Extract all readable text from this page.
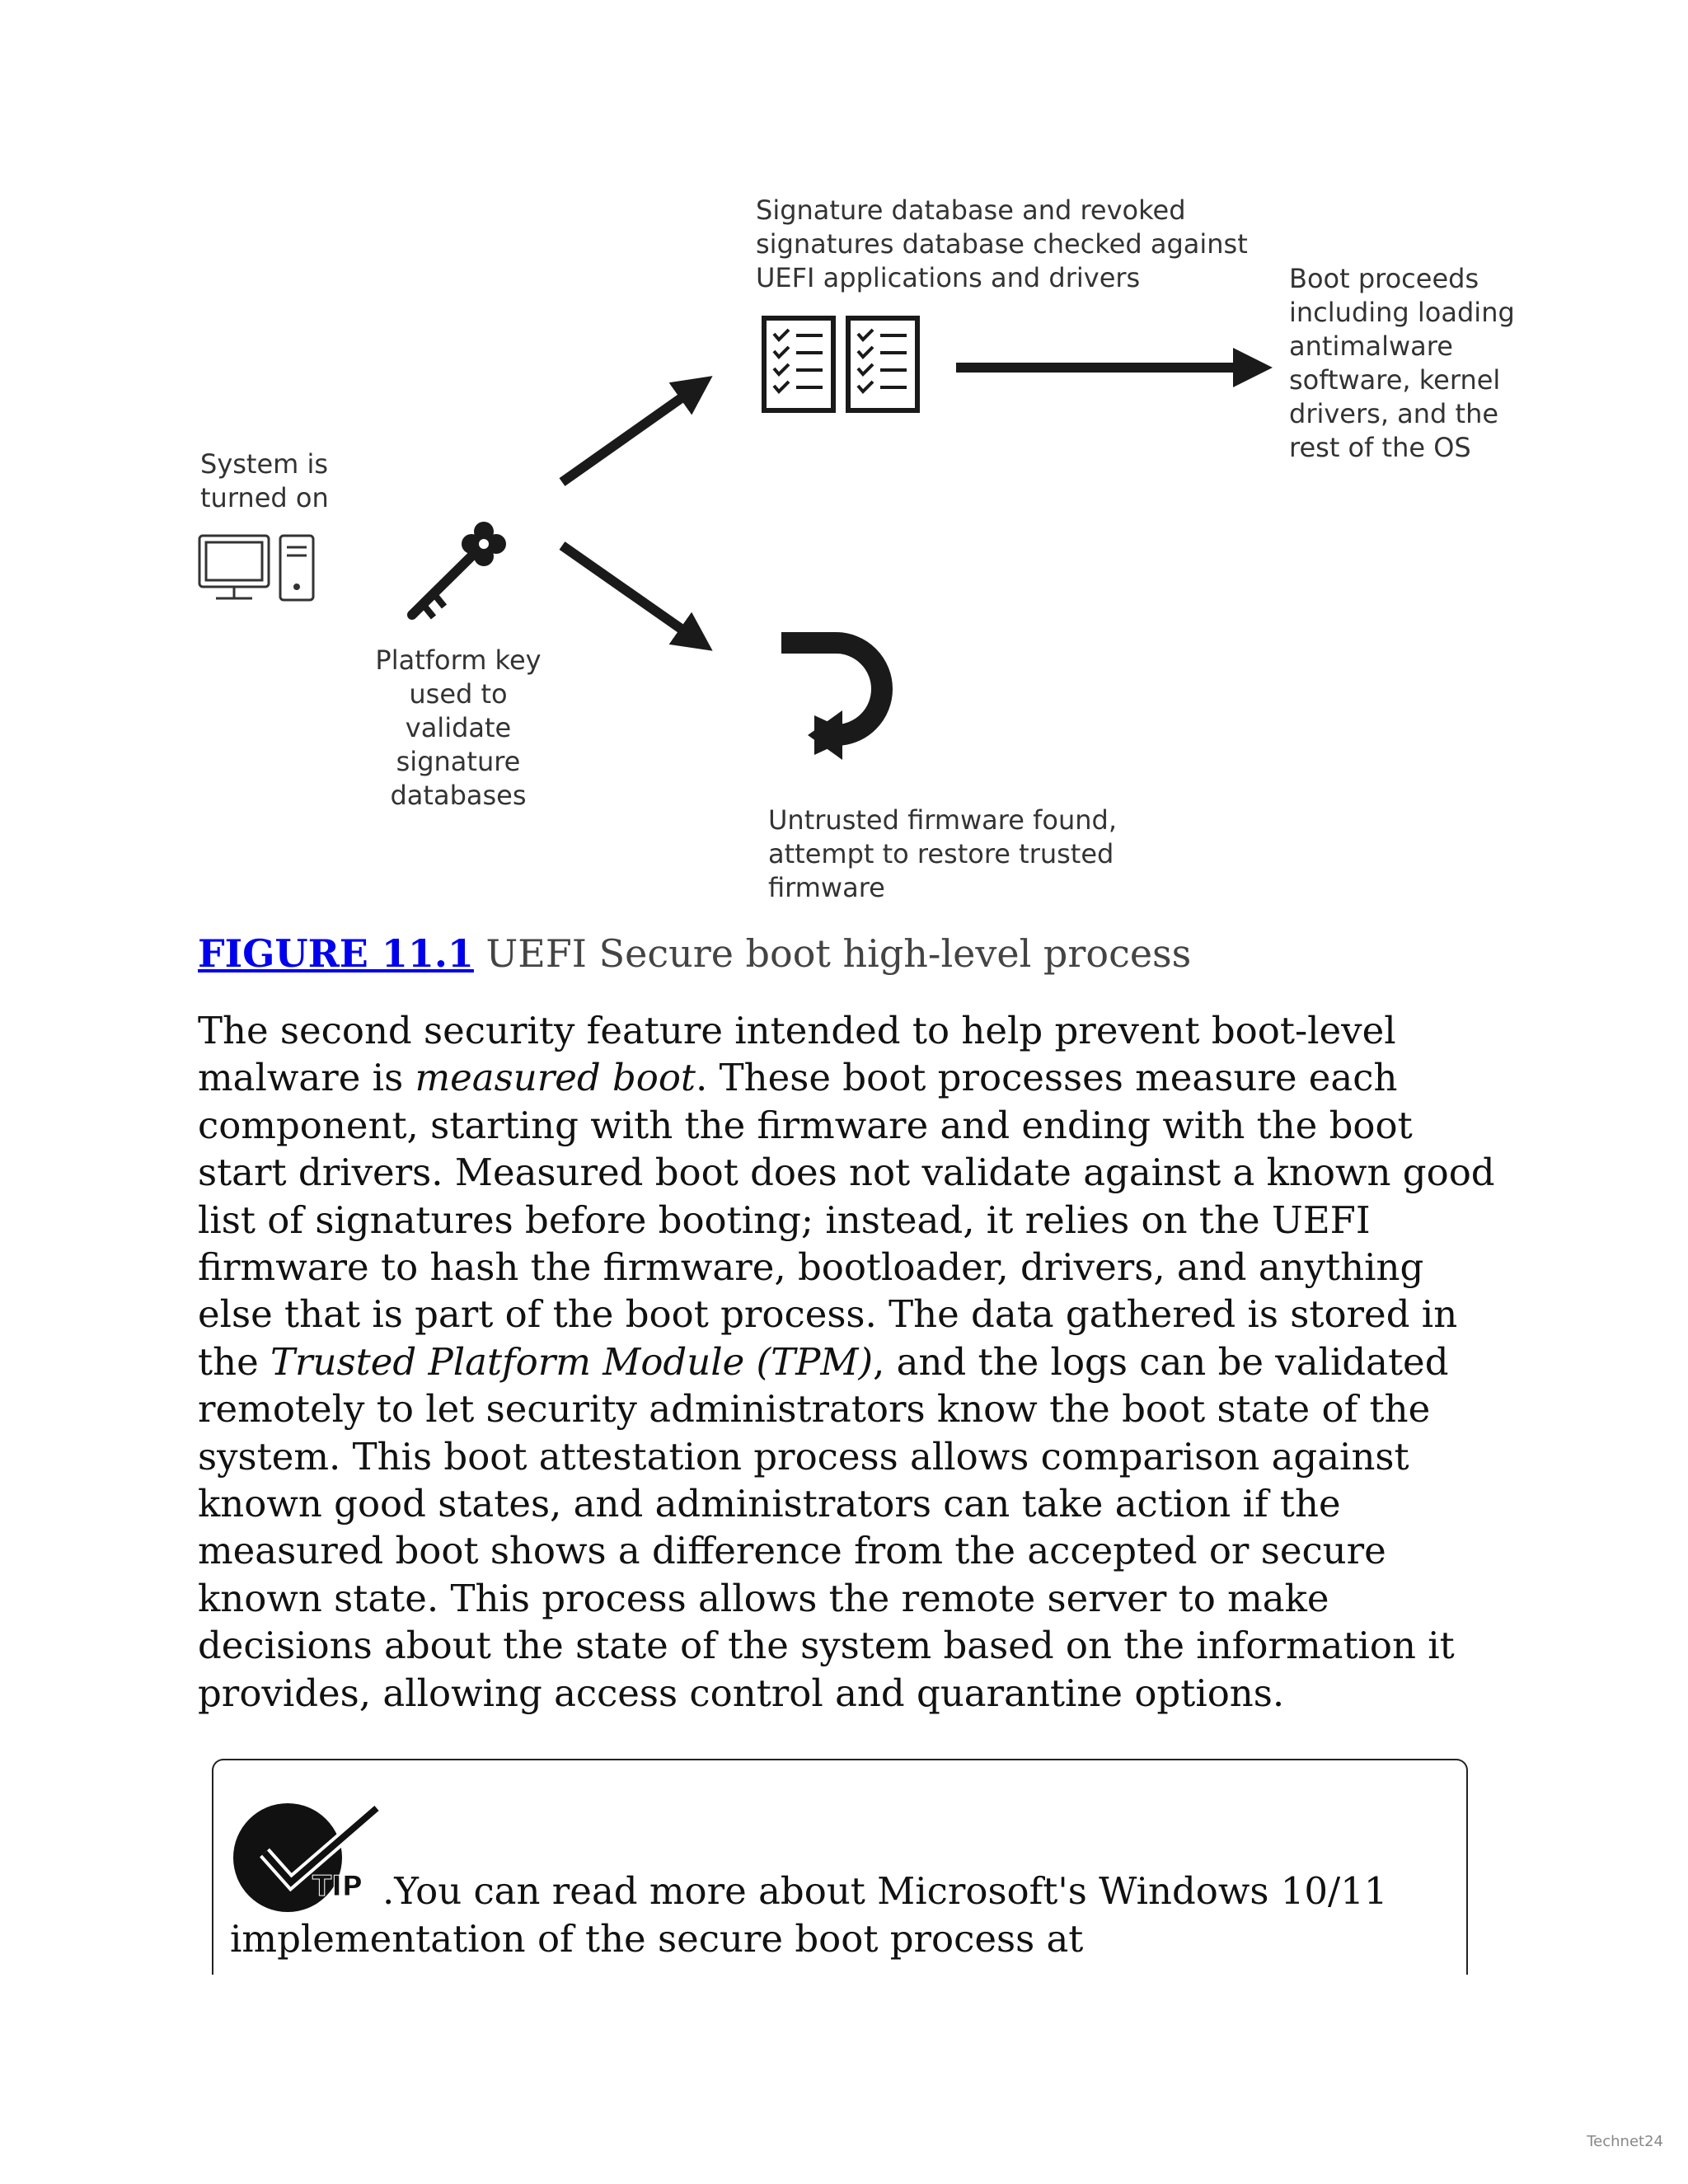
System is
turned on

Platform key
used to
validate
signature
databases

Signature database and revoked
signatures database checked against
UEFI applications and drivers	Boot proceeds
including loading
antimalware
software, kernel
drivers, and the
rest of the OS

Untrusted firmware found,
attempt to restore trusted
firmware

FIGURE 11.1 UEFI Secure boot high-level process

The second security feature intended to help prevent boot-level malware is measured boot. These boot processes measure each component, starting with the firmware and ending with the boot start drivers. Measured boot does not validate against a known good list of signatures before booting; instead, it relies on the UEFI firmware to hash the firmware, bootloader, drivers, and anything else that is part of the boot process. The data gathered is stored in the Trusted Platform Module (TPM), and the logs can be validated remotely to let security administrators know the boot state of the system. This boot attestation process allows comparison against known good states, and administrators can take action if the measured boot shows a difference from the accepted or secure known state. This process allows the remote server to make decisions about the state of the system based on the information it provides, allowing access control and quarantine options.

TIP .You can read more about Microsoft's Windows 10/11 implementation of the secure boot process at

Technet24
